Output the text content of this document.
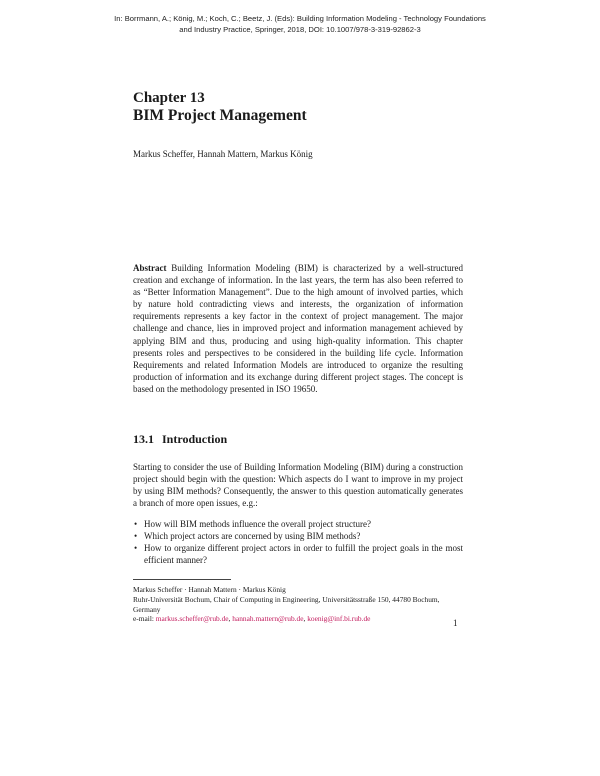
In: Borrmann, A.; König, M.; Koch, C.; Beetz, J. (Eds): Building Information Modeling - Technology Foundations
and Industry Practice, Springer, 2018, DOI: 10.1007/978-3-319-92862-3
Chapter 13
BIM Project Management
Markus Scheffer, Hannah Mattern, Markus König
Abstract Building Information Modeling (BIM) is characterized by a well-structured creation and exchange of information. In the last years, the term has also been referred to as “Better Information Management”. Due to the high amount of involved parties, which by nature hold contradicting views and interests, the organization of information requirements represents a key factor in the context of project management. The major challenge and chance, lies in improved project and information management achieved by applying BIM and thus, producing and using high-quality information. This chapter presents roles and perspectives to be considered in the building life cycle. Information Requirements and related Information Models are introduced to organize the resulting production of information and its exchange during different project stages. The concept is based on the methodology presented in ISO 19650.
13.1 Introduction
Starting to consider the use of Building Information Modeling (BIM) during a construction project should begin with the question: Which aspects do I want to improve in my project by using BIM methods? Consequently, the answer to this question automatically generates a branch of more open issues, e.g.:
• How will BIM methods influence the overall project structure?
• Which project actors are concerned by using BIM methods?
• How to organize different project actors in order to fulfill the project goals in the most efficient manner?
Markus Scheffer · Hannah Mattern · Markus König
Ruhr-Universität Bochum, Chair of Computing in Engineering, Universitätsstraße 150, 44780 Bochum, Germany
e-mail: markus.scheffer@rub.de, hannah.mattern@rub.de, koenig@inf.bi.rub.de	1
